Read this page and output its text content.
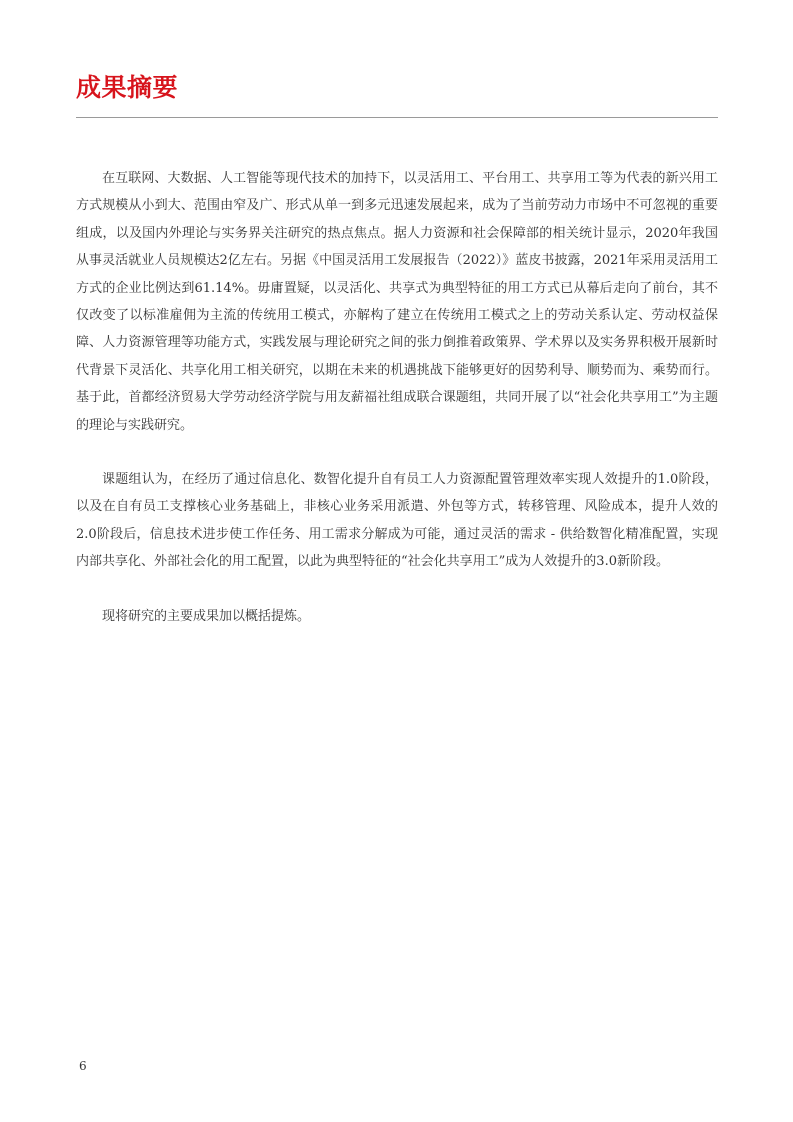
成果摘要

在互联网、大数据、人工智能等现代技术的加持下，以灵活用工、平台用工、共享用工等为代表的新兴用工方式规模从小到大、范围由窄及广、形式从单一到多元迅速发展起来，成为了当前劳动力市场中不可忽视的重要组成，以及国内外理论与实务界关注研究的热点焦点。据人力资源和社会保障部的相关统计显示，2020年我国从事灵活就业人员规模达2亿左右。另据《中国灵活用工发展报告（2022）》蓝皮书披露，2021年采用灵活用工方式的企业比例达到61.14%。毋庸置疑，以灵活化、共享式为典型特征的用工方式已从幕后走向了前台，其不仅改变了以标准雇佣为主流的传统用工模式，亦解构了建立在传统用工模式之上的劳动关系认定、劳动权益保障、人力资源管理等功能方式，实践发展与理论研究之间的张力倒推着政策界、学术界以及实务界积极开展新时代背景下灵活化、共享化用工相关研究，以期在未来的机遇挑战下能够更好的因势利导、顺势而为、乘势而行。基于此，首都经济贸易大学劳动经济学院与用友薪福社组成联合课题组，共同开展了以“社会化共享用工”为主题的理论与实践研究。

课题组认为，在经历了通过信息化、数智化提升自有员工人力资源配置管理效率实现人效提升的1.0阶段，以及在自有员工支撑核心业务基础上，非核心业务采用派遣、外包等方式，转移管理、风险成本，提升人效的2.0阶段后，信息技术进步使工作任务、用工需求分解成为可能，通过灵活的需求 - 供给数智化精准配置，实现内部共享化、外部社会化的用工配置，以此为典型特征的“社会化共享用工”成为人效提升的3.0新阶段。

现将研究的主要成果加以概括提炼。

6
